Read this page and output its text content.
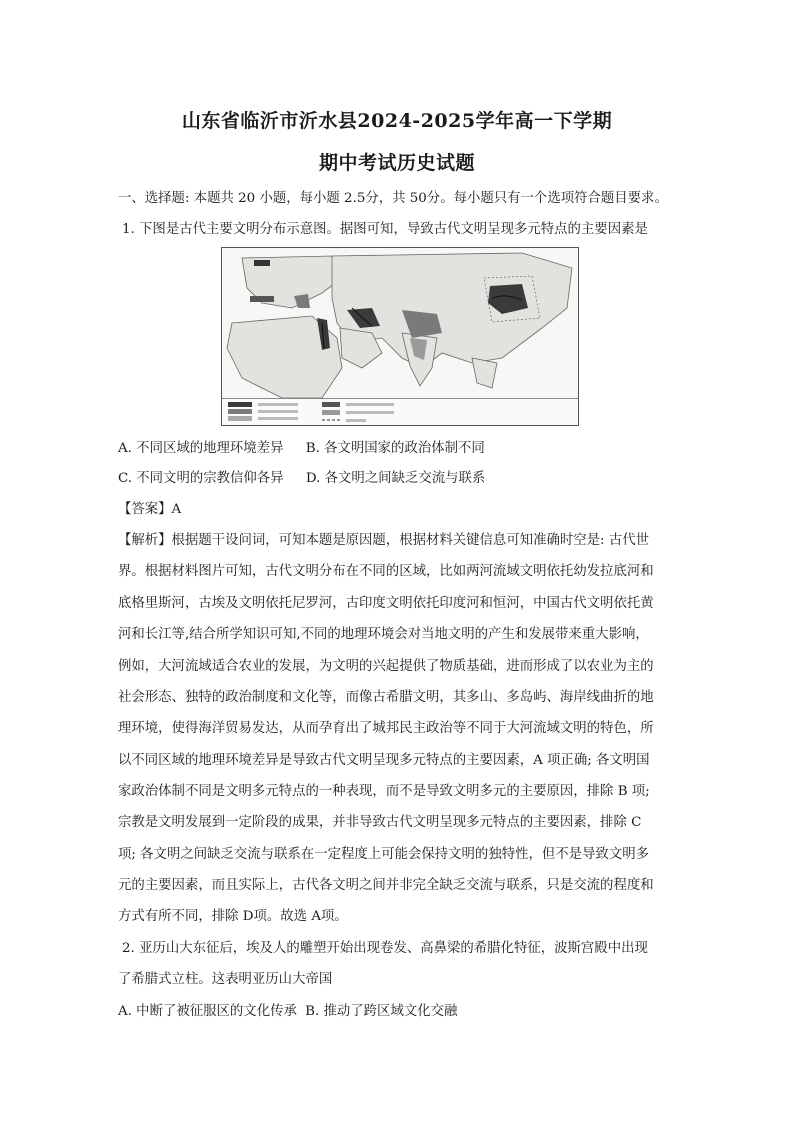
山东省临沂市沂水县2024-2025学年高一下学期
期中考试历史试题
一、选择题: 本题共 20 小题，每小题 2.5分，共 50分。每小题只有一个选项符合题目要求。
1. 下图是古代主要文明分布示意图。据图可知，导致古代文明呈现多元特点的主要因素是
A. 不同区域的地理环境差异 B. 各文明国家的政治体制不同
C. 不同文明的宗教信仰各异 D. 各文明之间缺乏交流与联系
【答案】A
【解析】根据题干设问词，可知本题是原因题，根据材料关键信息可知准确时空是: 古代世
界。根据材料图片可知，古代文明分布在不同的区域，比如两河流域文明依托幼发拉底河和
底格里斯河，古埃及文明依托尼罗河，古印度文明依托印度河和恒河，中国古代文明依托黄
河和长江等,结合所学知识可知,不同的地理环境会对当地文明的产生和发展带来重大影响，
例如，大河流域适合农业的发展，为文明的兴起提供了物质基础，进而形成了以农业为主的
社会形态、独特的政治制度和文化等，而像古希腊文明，其多山、多岛屿、海岸线曲折的地
理环境，使得海洋贸易发达，从而孕育出了城邦民主政治等不同于大河流域文明的特色，所
以不同区域的地理环境差异是导致古代文明呈现多元特点的主要因素，A 项正确; 各文明国
家政治体制不同是文明多元特点的一种表现，而不是导致文明多元的主要原因，排除 B 项;
宗教是文明发展到一定阶段的成果，并非导致古代文明呈现多元特点的主要因素，排除 C
项; 各文明之间缺乏交流与联系在一定程度上可能会保持文明的独特性，但不是导致文明多
元的主要因素，而且实际上，古代各文明之间并非完全缺乏交流与联系，只是交流的程度和
方式有所不同，排除 D项。故选 A项。
2. 亚历山大东征后，埃及人的雕塑开始出现卷发、高鼻梁的希腊化特征，波斯宫殿中出现
了希腊式立柱。这表明亚历山大帝国
A. 中断了被征服区的文化传承 B. 推动了跨区域文化交融
